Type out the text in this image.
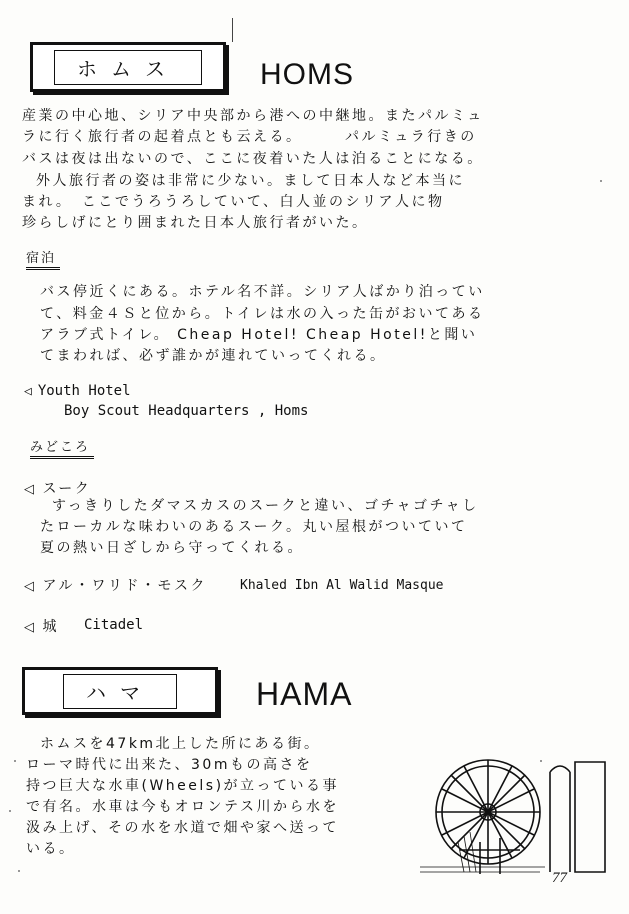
ホムス	HOMS
産業の中心地、シリア中央部から港への中継地。またパルミュ
ラに行く旅行者の起着点とも云える。　　　パルミュラ行きの
バスは夜は出ないので、ここに夜着いた人は泊ることになる。
外人旅行者の姿は非常に少ない。まして日本人など本当に
まれ。　ここでうろうろしていて、白人並のシリア人に物
珍らしげにとり囲まれた日本人旅行者がいた。
宿泊
バス停近くにある。ホテル名不詳。シリア人ばかり泊ってい
て、料金４Ｓと位から。トイレは水の入った缶がおいてある
アラブ式トイレ。 Cheap Hotel! Cheap Hotel!と聞い
てまわれば、必ず誰かが連れていってくれる。
◁ Youth Hotel
Boy Scout Headquarters , Homs
みどころ
◁ スーク
すっきりしたダマスカスのスークと違い、ゴチャゴチャし
たローカルな味わいのあるスーク。丸い屋根がついていて
夏の熱い日ざしから守ってくれる。
◁ アル・ワリド・モスク	Khaled Ibn Al Walid Masque
◁ 城 Citadel
ハマ	HAMA
ホムスを47km北上した所にある街。
ローマ時代に出来た、30mもの高さを
持つ巨大な水車(Wheels)が立っている事
で有名。水車は今もオロンテス川から水を
汲み上げ、その水を水道で畑や家へ送って
いる。
77
